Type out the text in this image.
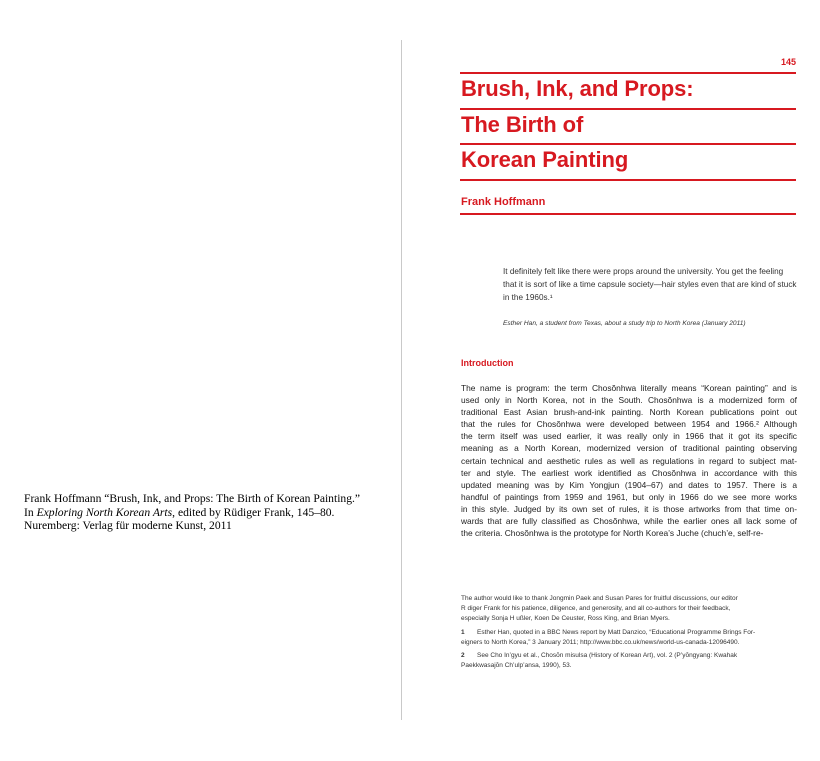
Frank Hoffmann “Brush, Ink, and Props: The Birth of Korean Painting.”
In Exploring North Korean Arts, edited by Rüdiger Frank, 145–80.
Nuremberg: Verlag für moderne Kunst, 2011
145
Brush, Ink, and Props:
The Birth of
Korean Painting
Frank Hoffmann
It definitely felt like there were props around the university. You get the feeling that it is sort of like a time capsule society—hair styles even that are kind of stuck in the 1960s.¹
Esther Han, a student from Texas, about a study trip to North Korea (January 2011)
Introduction
The name is program: the term Chosŏnhwa literally means “Korean painting” and is
used only in North Korea, not in the South. Chosŏnhwa is a modernized form of
traditional East Asian brush-and-ink painting. North Korean publications point out
that the rules for Chosŏnhwa were developed between 1954 and 1966.² Although
the term itself was used earlier, it was really only in 1966 that it got its specific
meaning as a North Korean, modernized version of traditional painting observing
certain technical and aesthetic rules as well as regulations in regard to subject mat-
ter and style. The earliest work identified as Chosŏnhwa in accordance with this
updated meaning was by Kim Yongjun (1904–67) and dates to 1957. There is a
handful of paintings from 1959 and 1961, but only in 1966 do we see more works
in this style. Judged by its own set of rules, it is those artworks from that time on-
wards that are fully classified as Chosŏnhwa, while the earlier ones all lack some of
the criteria. Chosŏnhwa is the prototype for North Korea’s Juche (chuch’e, self-re-
The author would like to thank Jongmin Paek and Susan Pares for fruitful discussions, our editor
R diger Frank for his patience, diligence, and generosity, and all co-authors for their feedback,
especially Sonja H ußler, Koen De Ceuster, Ross King, and Brian Myers.
1 Esther Han, quoted in a BBC News report by Matt Danzico, “Educational Programme Brings For-
eigners to North Korea,” 3 January 2011; http://www.bbc.co.uk/news/world-us-canada-12096490.
2 See Cho In’gyu et al., Chosŏn misulsa (History of Korean Art), vol. 2 (P’yŏngyang: Kwahak
Paekkwasajŏn Ch’ulp’ansa, 1990), 53.
